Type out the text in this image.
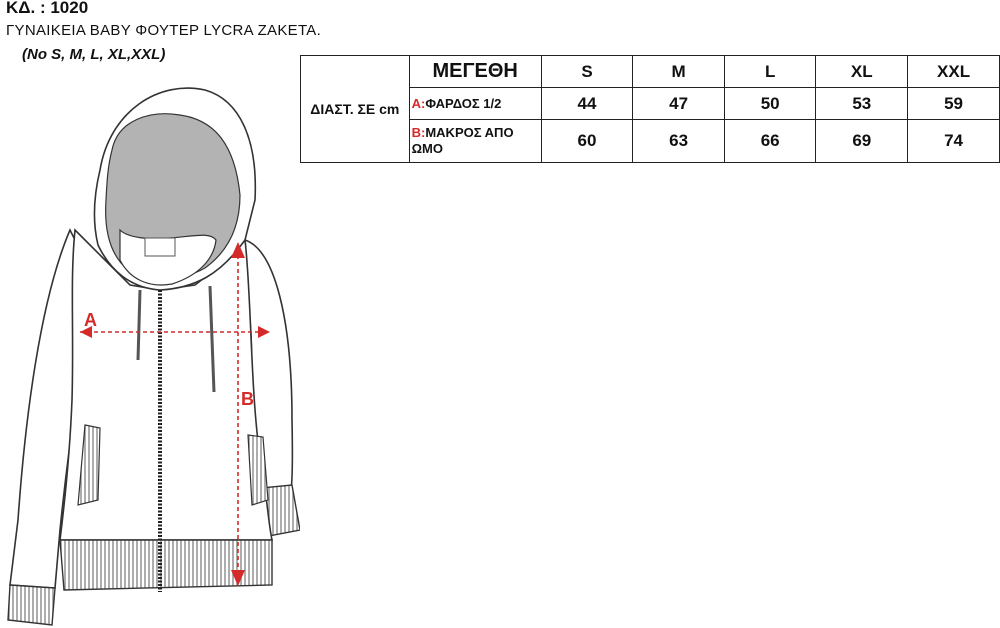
ΚΔ. : 1020
ΓΥΝΑΙΚΕΙΑ BABY ΦΟΥΤΕΡ LYCRA ZAKETA.
(No S, M, L, XL,XXL)
ΔΙΑΣΤ. ΣΕ cm	ΜΕΓΕΘΗ	S	M	L	XL	XXL
	A:ΦΑΡΔΟΣ 1/2	44	47	50	53	59
	B:ΜΑΚΡΟΣ ΑΠΟ ΩΜΟ	60	63	66	69	74
A
B
